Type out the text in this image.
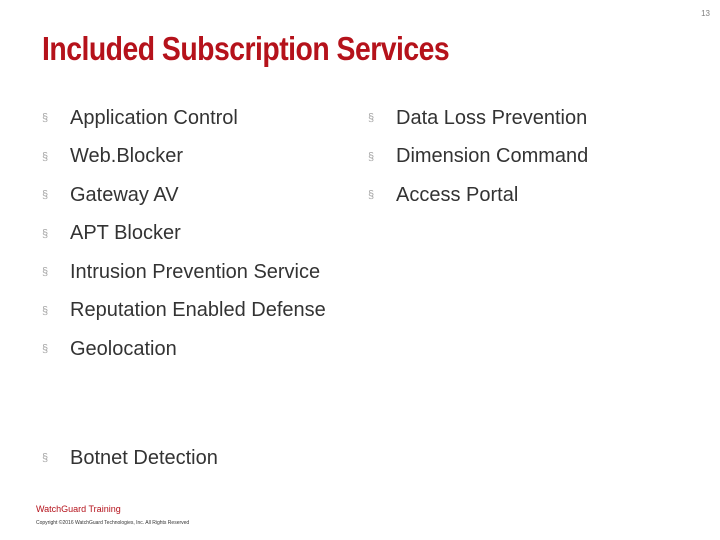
13
Included Subscription Services
§	Application Control
§	Web.Blocker
§	Gateway AV
§	APT Blocker
§	Intrusion Prevention Service
§	Reputation Enabled Defense
§	Geolocation
§	Botnet Detection
§	Data Loss Prevention
§	Dimension Command
§	Access Portal
WatchGuard Training
Copyright ©2016 WatchGuard Technologies, Inc. All Rights Reserved
